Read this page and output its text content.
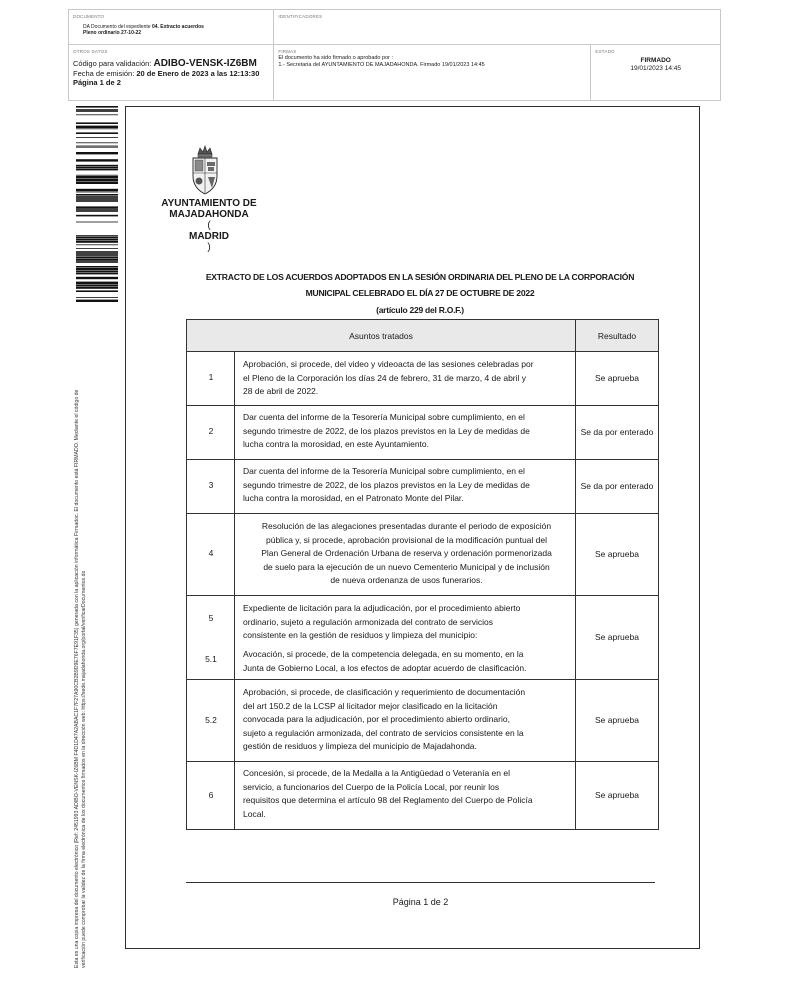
DOCUMENTO
DA Documento del expediente 04. Extracto acuerdos Pleno ordinario 27-10-22
IDENTIFICADORES
OTROS DATOS
Código para validación: ADIBO-VENSK-IZ6BM
Fecha de emisión: 20 de Enero de 2023 a las 12:13:30
Página 1 de 2
FIRMAS
El documento ha sido firmado o aprobado por :
1.- Secretaria del AYUNTAMIENTO DE MAJADAHONDA. Firmado 19/01/2023 14:45
ESTADO
FIRMADO
19/01/2023 14:45
Esta es una copia impresa del documento electrónico (Ref: 2451993 ADIBO-VENSK-IZ6BM F4D1D47A2ABAC1F7F27A90CB2B9D9E76F7E91F35) generada con la aplicación informática Firmadoc. El documento está FIRMADO. Mediante el código de verificación puede comprobar la validez de la firma electrónica de los documentos firmados en la dirección web: https://sede.majadahonda.org/portal/verificarDocumentos.do
AYUNTAMIENTO DE
MAJADAHONDA
(
MADRID
)
EXTRACTO DE LOS ACUERDOS ADOPTADOS EN LA SESIÓN ORDINARIA DEL PLENO DE LA CORPORACIÓN
MUNICIPAL CELEBRADO EL DÍA 27 DE OCTUBRE DE 2022
(artículo 229 del R.O.F.)
Asuntos tratados	Resultado
1
Aprobación, si procede, del video y videoacta de las sesiones celebradas por
el Pleno de la Corporación los días 24 de febrero, 31 de marzo, 4 de abril y
28 de abril de 2022.
Se aprueba
2
Dar cuenta del informe de la Tesorería Municipal sobre cumplimiento, en el
segundo trimestre de 2022, de los plazos previstos en la Ley de medidas de
lucha contra la morosidad, en este Ayuntamiento.
Se da por enterado
3
Dar cuenta del informe de la Tesorería Municipal sobre cumplimiento, en el
segundo trimestre de 2022, de los plazos previstos en la Ley de medidas de
lucha contra la morosidad, en el Patronato Monte del Pilar.
Se da por enterado
4
Resolución de las alegaciones presentadas durante el periodo de exposición
pública y, si procede, aprobación provisional de la modificación puntual del
Plan General de Ordenación Urbana de reserva y ordenación pormenorizada
de suelo para la ejecución de un nuevo Cementerio Municipal y de inclusión
de nueva ordenanza de usos funerarios.
Se aprueba
5
5.1
Expediente de licitación para la adjudicación, por el procedimiento abierto
ordinario, sujeto a regulación armonizada del contrato de servicios
consistente en la gestión de residuos y limpieza del municipio:
Avocación, si procede, de la competencia delegada, en su momento, en la
Junta de Gobierno Local, a los efectos de adoptar acuerdo de clasificación.
Se aprueba
5.2
Aprobación, si procede, de clasificación y requerimiento de documentación
del art 150.2 de la LCSP al licitador mejor clasificado en la licitación
convocada para la adjudicación, por el procedimiento abierto ordinario,
sujeto a regulación armonizada, del contrato de servicios consistente en la
gestión de residuos y limpieza del municipio de Majadahonda.
Se aprueba
6
Concesión, si procede, de la Medalla a la Antigüedad o Veteranía en el
servicio, a funcionarios del Cuerpo de la Policía Local, por reunir los
requisitos que determina el artículo 98 del Reglamento del Cuerpo de Policía
Local.
Se aprueba
Página 1 de 2
